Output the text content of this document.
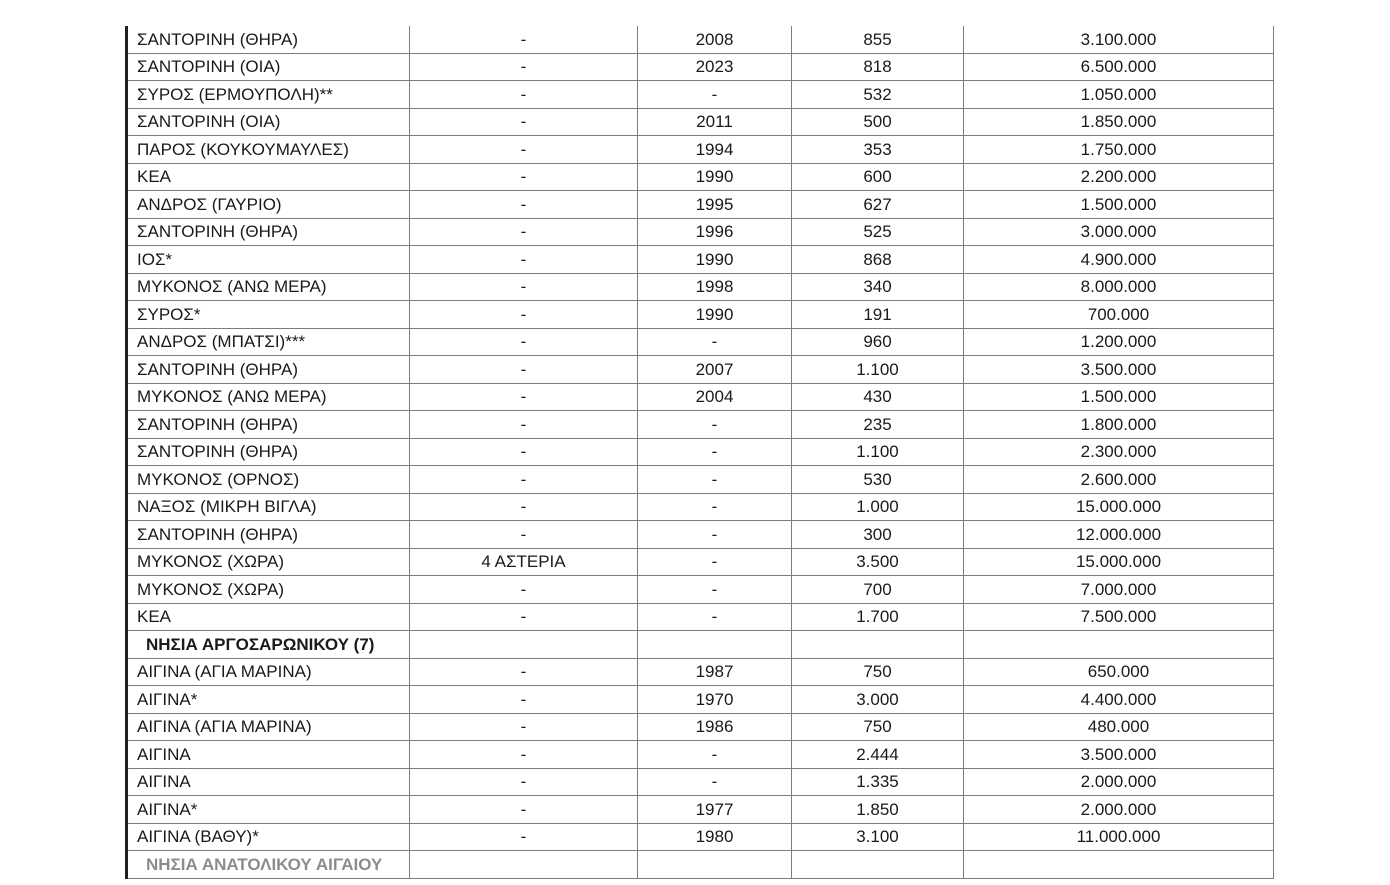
ΣΑΝΤΟΡΙΝΗ (ΘΗΡΑ)	-	2008	855	3.100.000
ΣΑΝΤΟΡΙΝΗ (ΟΙΑ)	-	2023	818	6.500.000
ΣΥΡΟΣ (ΕΡΜΟΥΠΟΛΗ)**	-	-	532	1.050.000
ΣΑΝΤΟΡΙΝΗ (ΟΙΑ)	-	2011	500	1.850.000
ΠΑΡΟΣ (ΚΟΥΚΟΥΜΑΥΛΕΣ)	-	1994	353	1.750.000
ΚΕΑ	-	1990	600	2.200.000
ΑΝΔΡΟΣ (ΓΑΥΡΙΟ)	-	1995	627	1.500.000
ΣΑΝΤΟΡΙΝΗ (ΘΗΡΑ)	-	1996	525	3.000.000
ΙΟΣ*	-	1990	868	4.900.000
ΜΥΚΟΝΟΣ (ΑΝΩ ΜΕΡΑ)	-	1998	340	8.000.000
ΣΥΡΟΣ*	-	1990	191	700.000
ΑΝΔΡΟΣ (ΜΠΑΤΣΙ)***	-	-	960	1.200.000
ΣΑΝΤΟΡΙΝΗ (ΘΗΡΑ)	-	2007	1.100	3.500.000
ΜΥΚΟΝΟΣ (ΑΝΩ ΜΕΡΑ)	-	2004	430	1.500.000
ΣΑΝΤΟΡΙΝΗ (ΘΗΡΑ)	-	-	235	1.800.000
ΣΑΝΤΟΡΙΝΗ (ΘΗΡΑ)	-	-	1.100	2.300.000
ΜΥΚΟΝΟΣ (ΟΡΝΟΣ)	-	-	530	2.600.000
ΝΑΞΟΣ (ΜΙΚΡΗ ΒΙΓΛΑ)	-	-	1.000	15.000.000
ΣΑΝΤΟΡΙΝΗ (ΘΗΡΑ)	-	-	300	12.000.000
ΜΥΚΟΝΟΣ (ΧΩΡΑ)	4 ΑΣΤΕΡΙΑ	-	3.500	15.000.000
ΜΥΚΟΝΟΣ (ΧΩΡΑ)	-	-	700	7.000.000
ΚΕΑ	-	-	1.700	7.500.000
ΝΗΣΙΑ ΑΡΓΟΣΑΡΩΝΙΚΟΥ (7)				
ΑΙΓΙΝΑ (ΑΓΙΑ ΜΑΡΙΝΑ)	-	1987	750	650.000
ΑΙΓΙΝΑ*	-	1970	3.000	4.400.000
ΑΙΓΙΝΑ (ΑΓΙΑ ΜΑΡΙΝΑ)	-	1986	750	480.000
ΑΙΓΙΝΑ	-	-	2.444	3.500.000
ΑΙΓΙΝΑ	-	-	1.335	2.000.000
ΑΙΓΙΝΑ*	-	1977	1.850	2.000.000
ΑΙΓΙΝΑ (ΒΑΘΥ)*	-	1980	3.100	11.000.000
ΝΗΣΙΑ ΑΝΑΤΟΛΙΚΟΥ ΑΙΓΑΙΟΥ				
